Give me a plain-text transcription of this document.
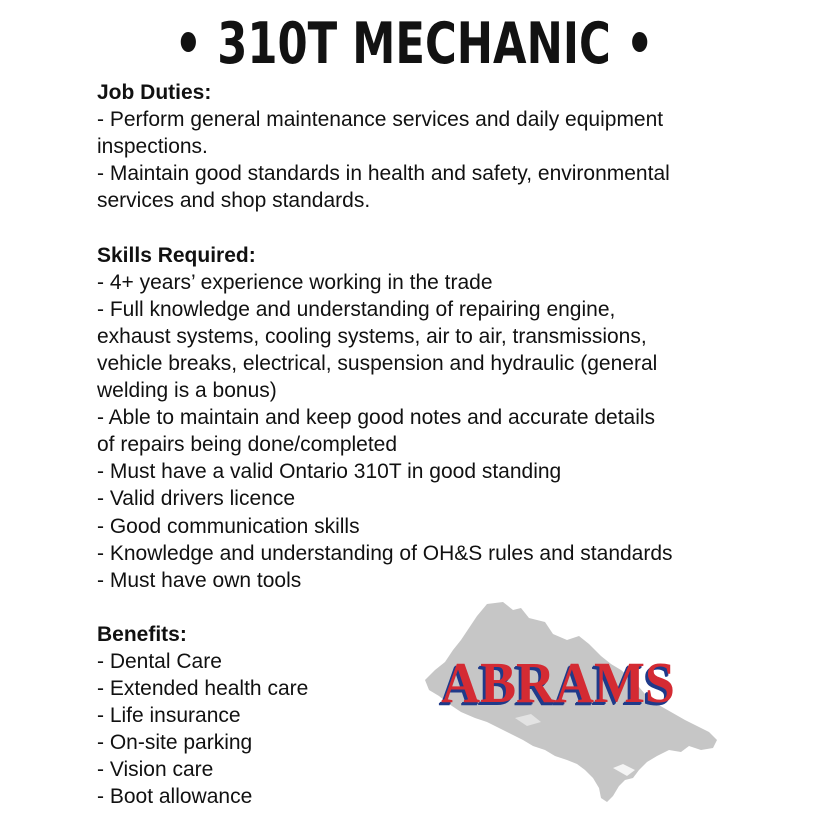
• 310T MECHANIC •
Job Duties:
- Perform general maintenance services and daily equipment
inspections.
- Maintain good standards in health and safety, environmental
services and shop standards.
Skills Required:
- 4+ years’ experience working in the trade
- Full knowledge and understanding of repairing engine,
exhaust systems, cooling systems, air to air, transmissions,
vehicle breaks, electrical, suspension and hydraulic (general
welding is a bonus)
- Able to maintain and keep good notes and accurate details
of repairs being done/completed
- Must have a valid Ontario 310T in good standing
- Valid drivers licence
- Good communication skills
- Knowledge and understanding of OH&S rules and standards
- Must have own tools
Benefits:
- Dental Care
- Extended health care
- Life insurance
- On-site parking
- Vision care
- Boot allowance
ABRAMS
